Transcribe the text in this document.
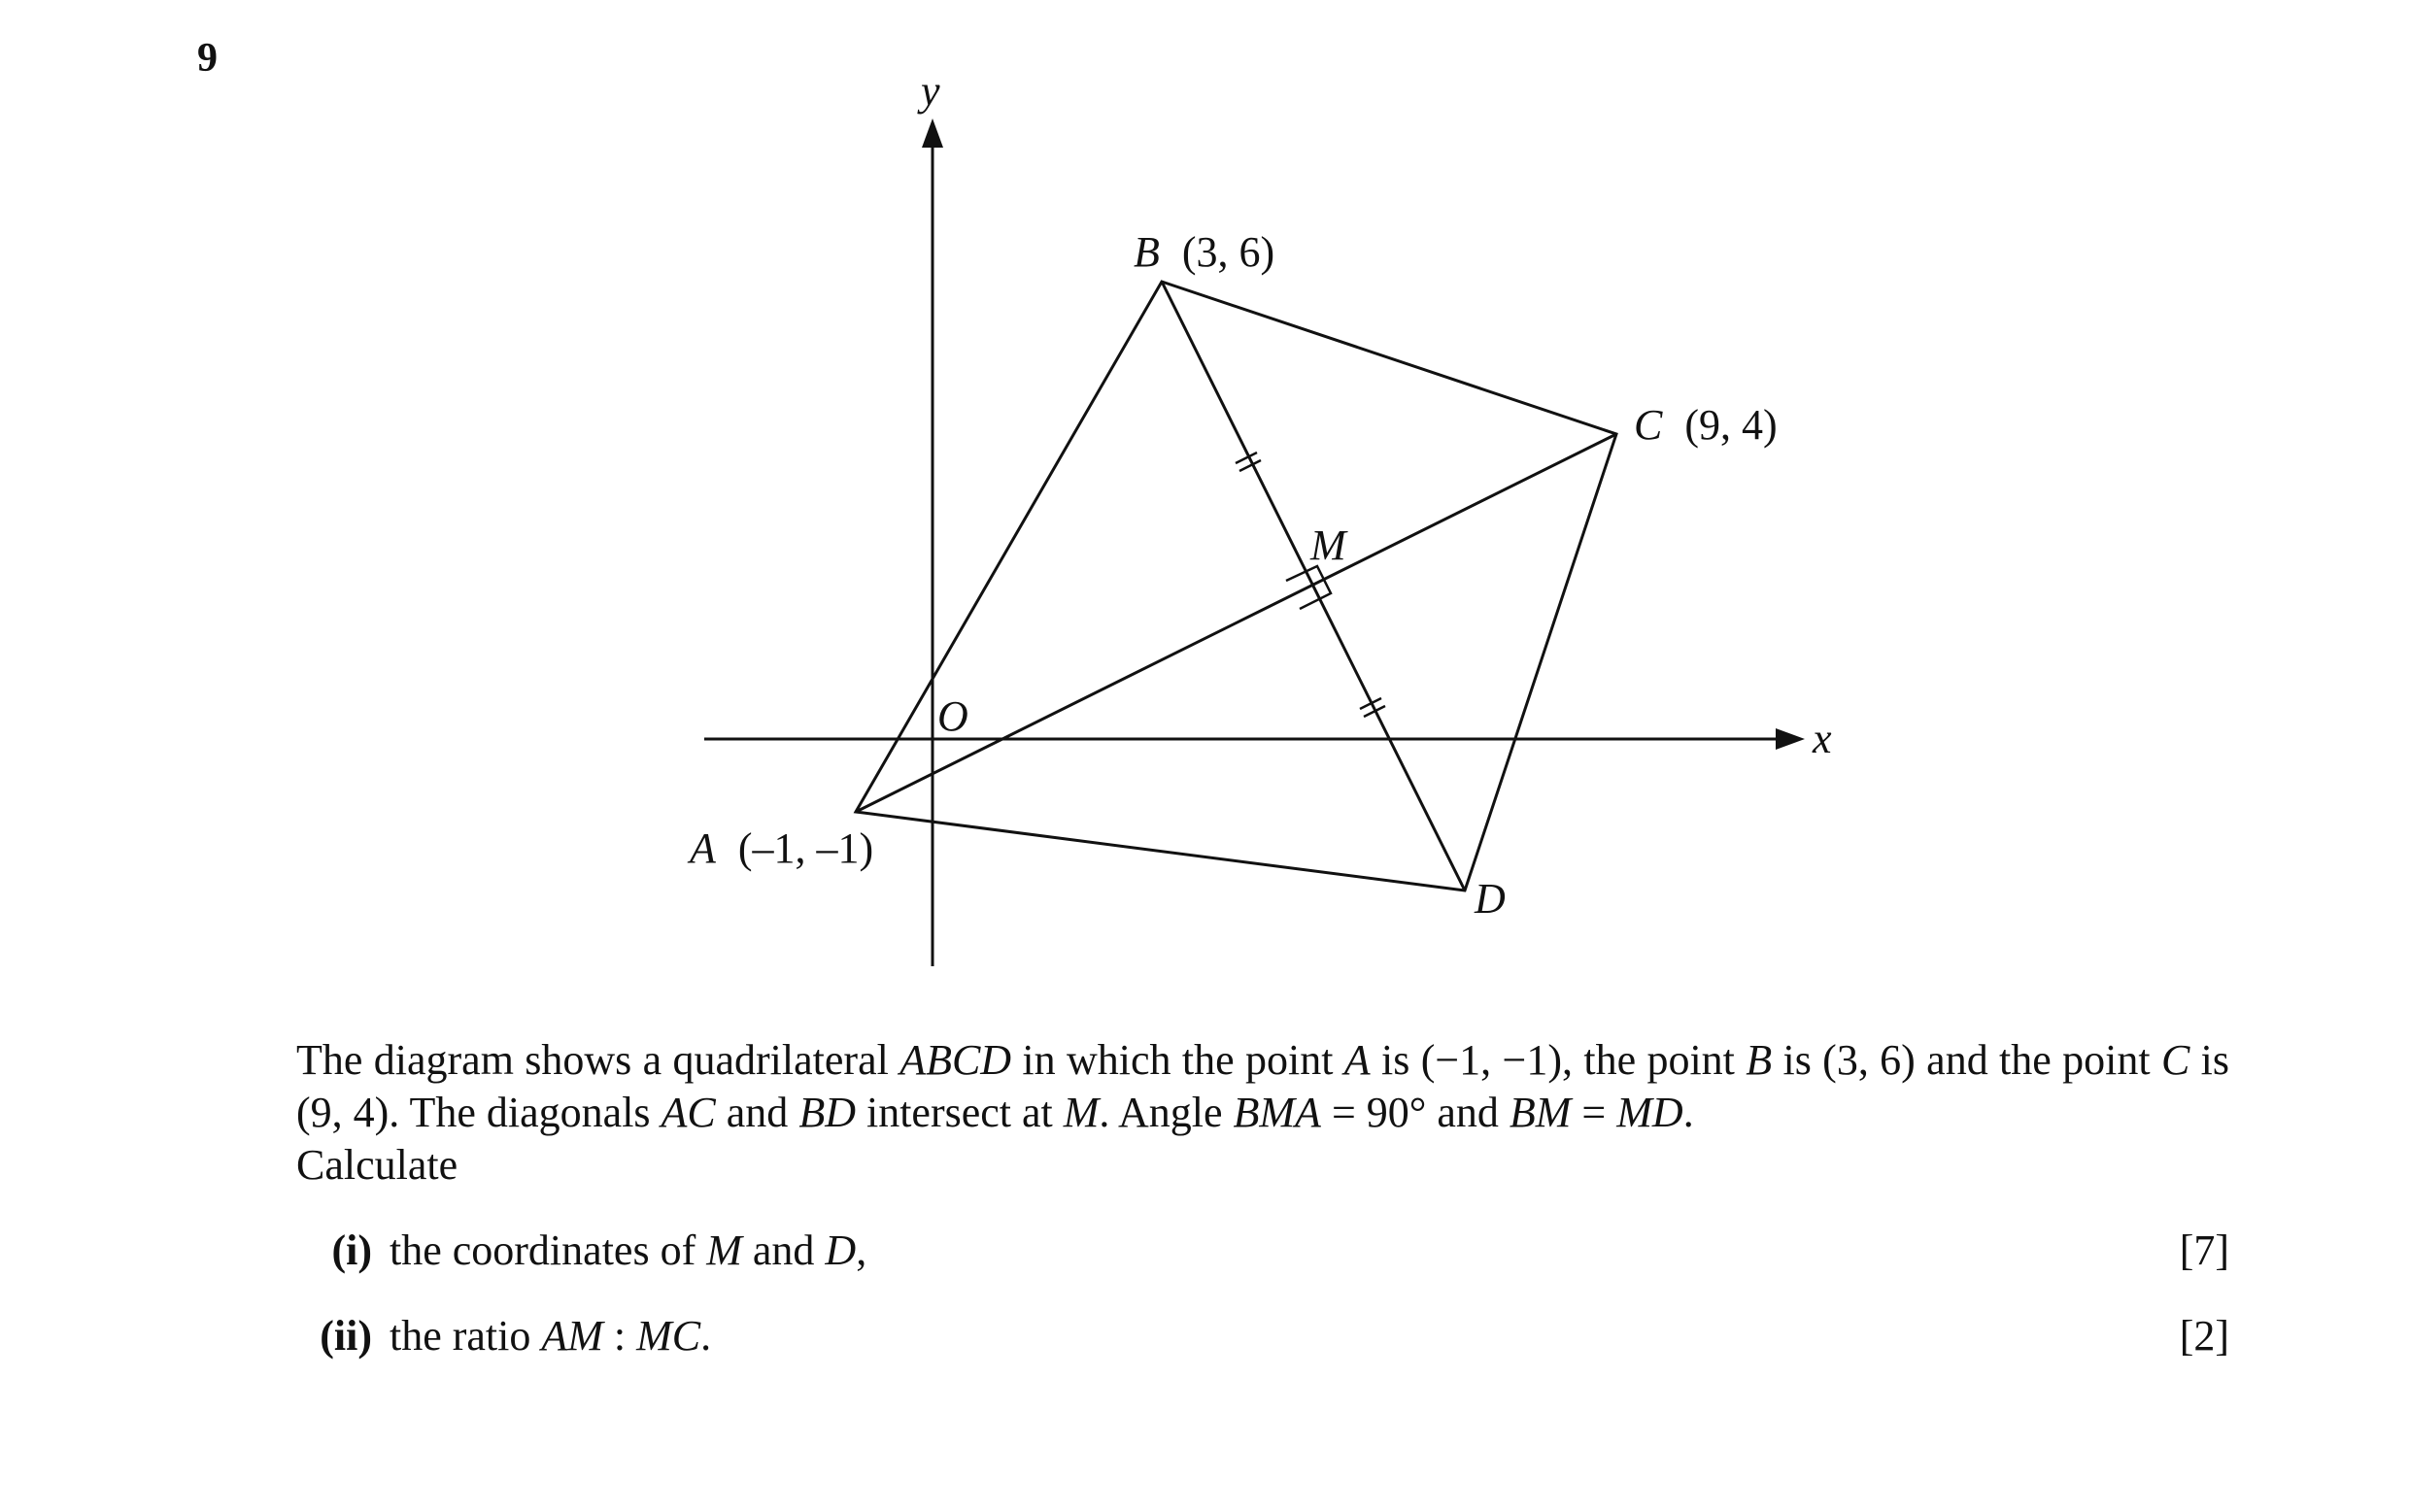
9
y
x
O
B (3, 6)
C (9, 4)
A (–1, –1)
D
M
The diagram shows a quadrilateral ABCD in which the point A is (−1, −1), the point B is (3, 6) and the point C is (9, 4). The diagonals AC and BD intersect at M. Angle BMA = 90° and BM = MD.
Calculate
(i) the coordinates of M and D,	[7]
(ii) the ratio AM : MC.	[2]
